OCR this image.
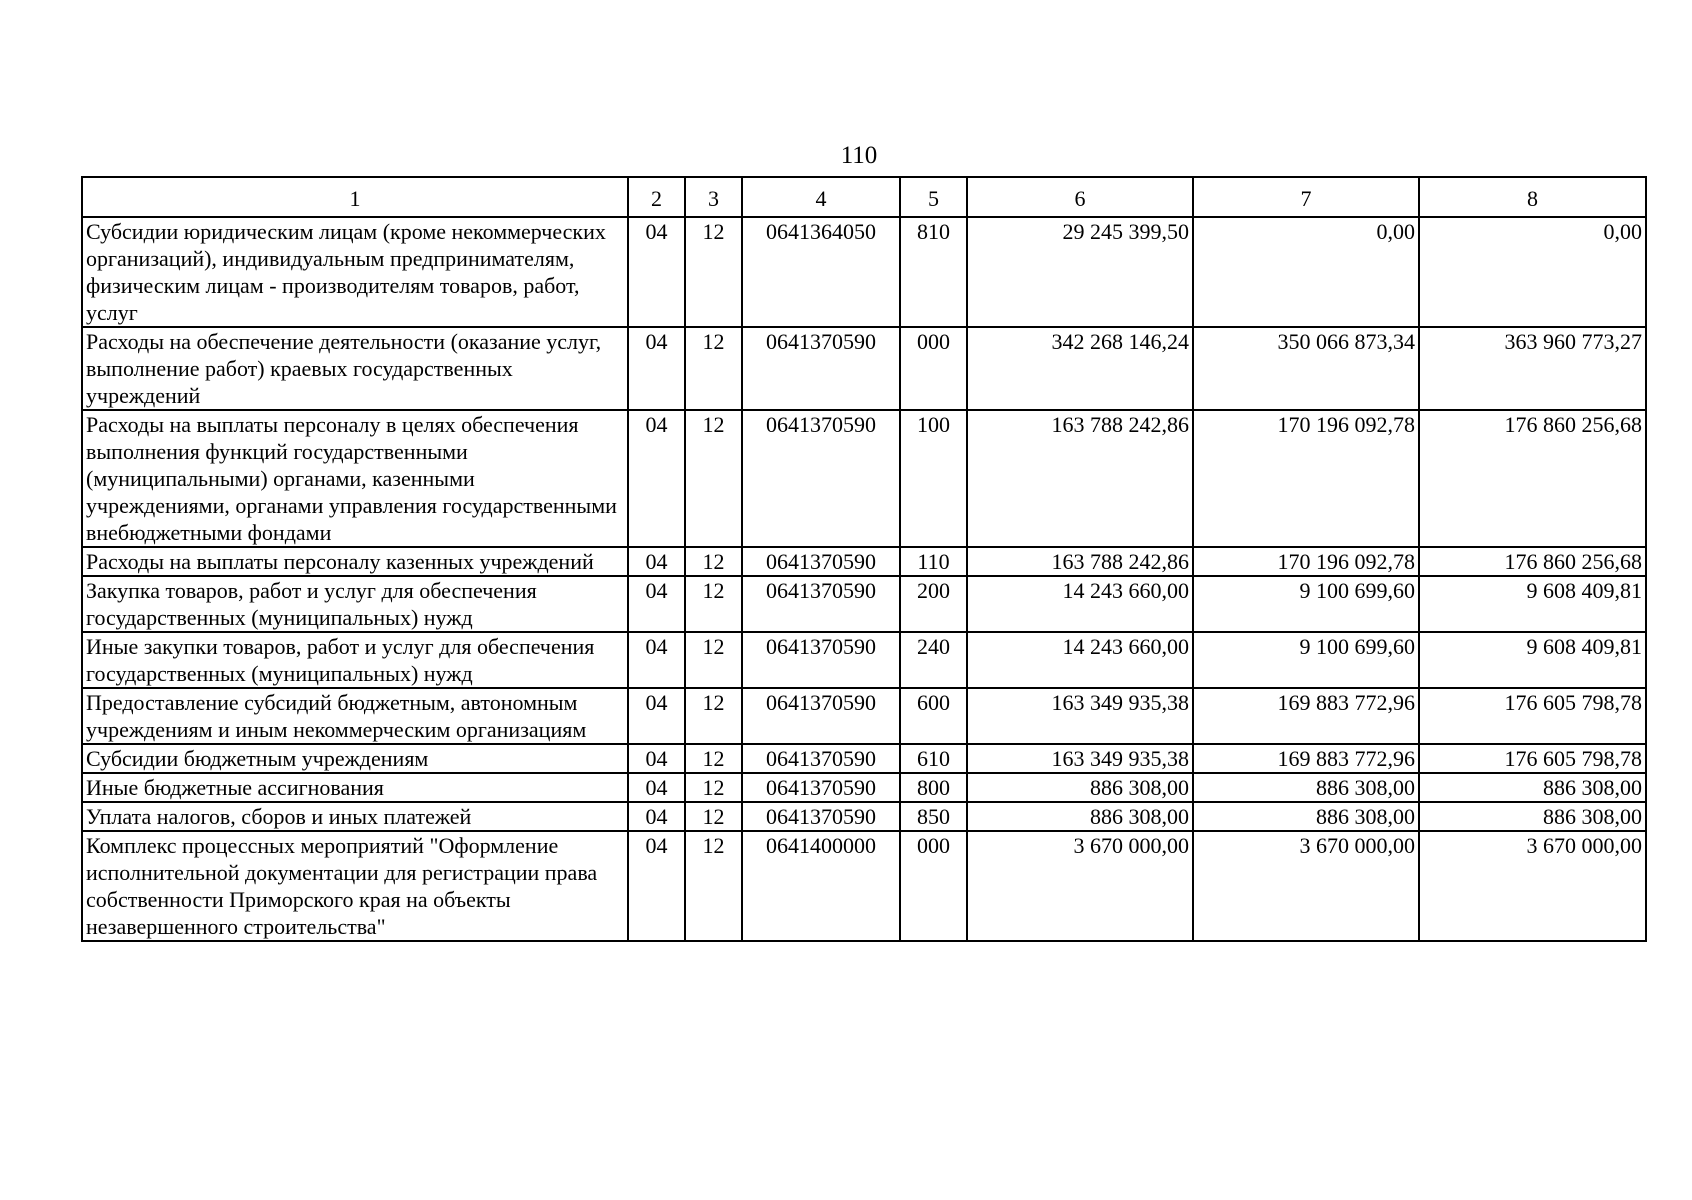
110
1	2	3	4	5	6	7	8
Субсидии юридическим лицам (кроме некоммерческих организаций), индивидуальным предпринимателям, физическим лицам - производителям товаров, работ, услуг	04	12	0641364050	810	29 245 399,50	0,00	0,00
Расходы на обеспечение деятельности (оказание услуг, выполнение работ) краевых государственных учреждений	04	12	0641370590	000	342 268 146,24	350 066 873,34	363 960 773,27
Расходы на выплаты персоналу в целях обеспечения выполнения функций государственными (муниципальными) органами, казенными учреждениями, органами управления государственными внебюджетными фондами	04	12	0641370590	100	163 788 242,86	170 196 092,78	176 860 256,68
Расходы на выплаты персоналу казенных учреждений	04	12	0641370590	110	163 788 242,86	170 196 092,78	176 860 256,68
Закупка товаров, работ и услуг для обеспечения государственных (муниципальных) нужд	04	12	0641370590	200	14 243 660,00	9 100 699,60	9 608 409,81
Иные закупки товаров, работ и услуг для обеспечения государственных (муниципальных) нужд	04	12	0641370590	240	14 243 660,00	9 100 699,60	9 608 409,81
Предоставление субсидий бюджетным, автономным учреждениям и иным некоммерческим организациям	04	12	0641370590	600	163 349 935,38	169 883 772,96	176 605 798,78
Субсидии бюджетным учреждениям	04	12	0641370590	610	163 349 935,38	169 883 772,96	176 605 798,78
Иные бюджетные ассигнования	04	12	0641370590	800	886 308,00	886 308,00	886 308,00
Уплата налогов, сборов и иных платежей	04	12	0641370590	850	886 308,00	886 308,00	886 308,00
Комплекс процессных мероприятий "Оформление исполнительной документации для регистрации права собственности Приморского края на объекты незавершенного строительства"	04	12	0641400000	000	3 670 000,00	3 670 000,00	3 670 000,00
